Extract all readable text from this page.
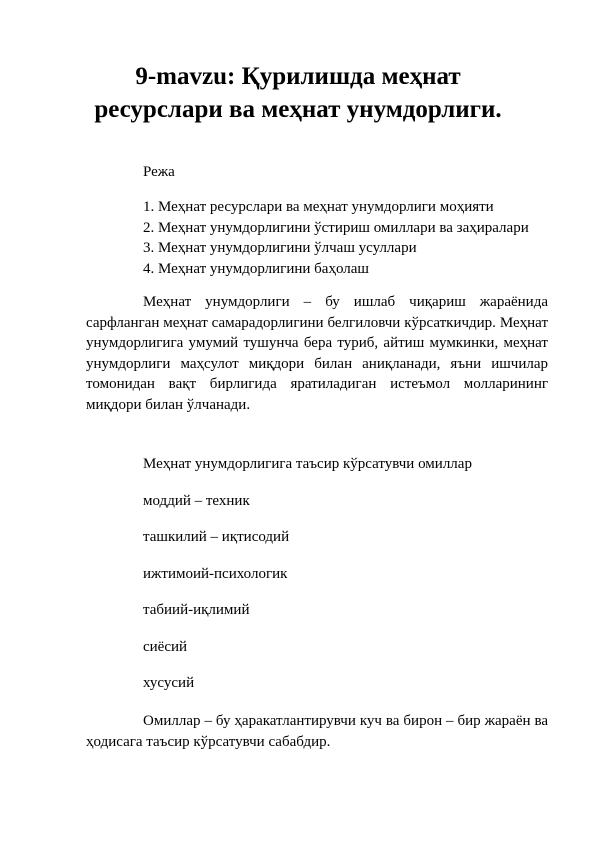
9-mavzu: Қурилишда меҳнат
ресурслари ва меҳнат унумдорлиги.

Режа

1. Меҳнат ресурслари ва меҳнат унумдорлиги моҳияти
2. Меҳнат унумдорлигини ўстириш омиллари ва заҳиралари
3. Меҳнат унумдорлигини ўлчаш усуллари
4. Меҳнат унумдорлигини баҳолаш

Меҳнат унумдорлиги – бу ишлаб чиқариш жараёнида сарфланган меҳнат самарадорлигини белгиловчи кўрсаткичдир. Меҳнат унумдорлигига умумий тушунча бера туриб, айтиш мумкинки, меҳнат унумдорлиги маҳсулот миқдори билан аниқланади, яъни ишчилар томонидан вақт бирлигида яратиладиган истеъмол молларининг миқдори билан ўлчанади.

Меҳнат унумдорлигига таъсир кўрсатувчи омиллар

моддий – техник

ташкилий – иқтисодий

ижтимоий-психологик

табиий-иқлимий

сиёсий

хусусий

Омиллар – бу ҳаракатлантирувчи куч ва бирон – бир жараён ва ҳодисага таъсир кўрсатувчи сабабдир.
